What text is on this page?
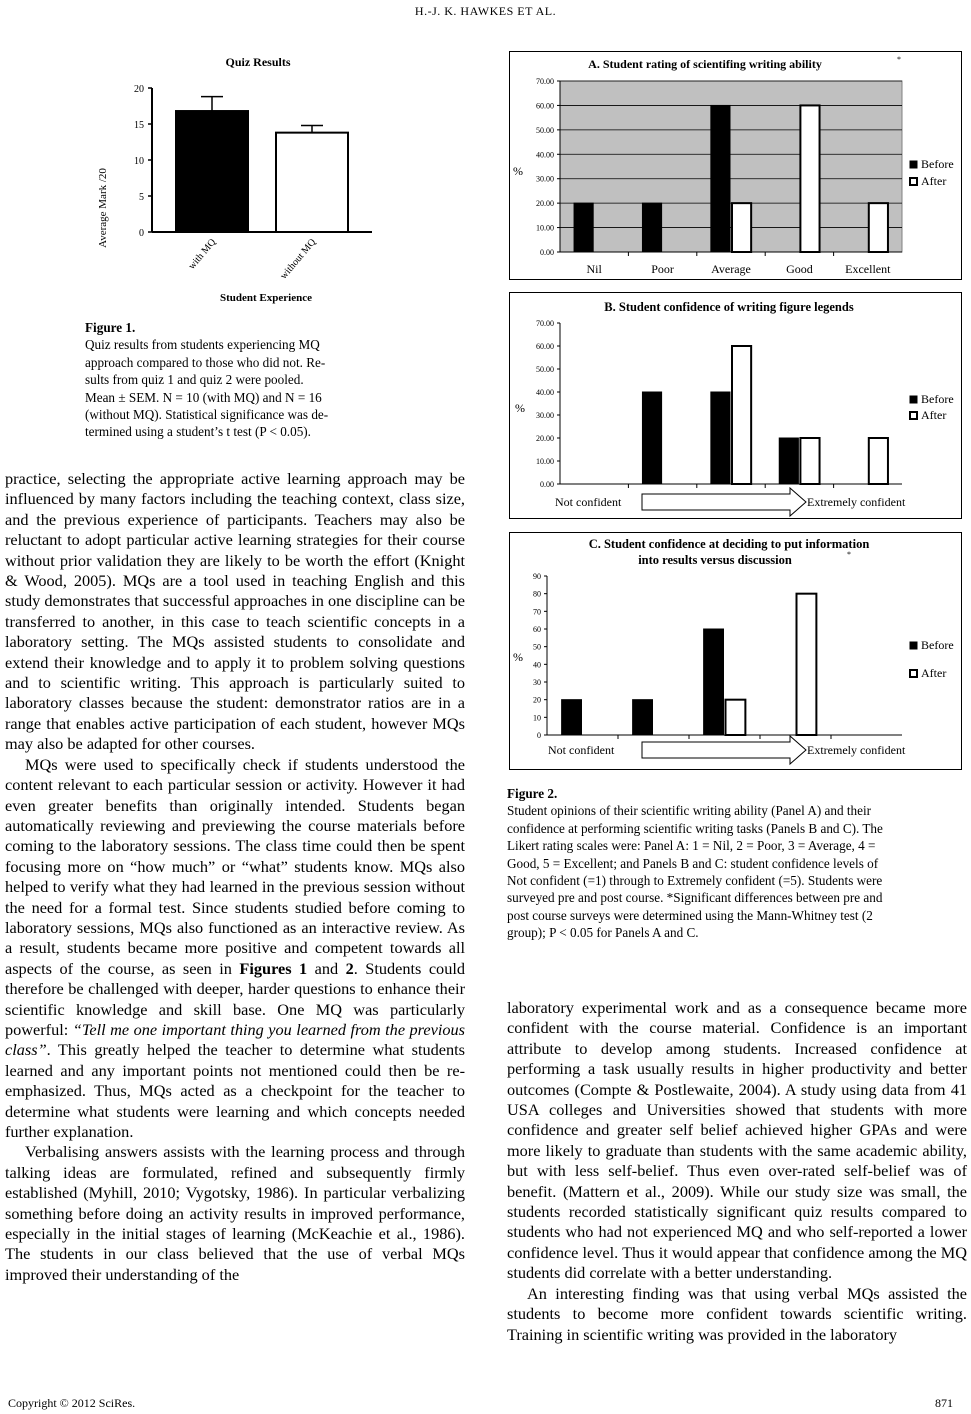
H.-J. K. HAWKES ET AL.
Copyright © 2012 SciRes.	871
Quiz Results
Average Mark /20
Student Experience
0
5
10
15
20
with MQ	without MQ
Figure 1.
Quiz results from students experiencing MQ
approach compared to those who did not. Re-
sults from quiz 1 and quiz 2 were pooled.
Mean ± SEM. N = 10 (with MQ) and N = 16
(without MQ). Statistical significance was de-
termined using a student’s t test (P < 0.05).
A. Student rating of scientifing writing ability	*
%
0.00
10.00
20.00
30.00
40.00
50.00
60.00
70.00
Nil	Poor	Average	Good	Excellent
Before
After
B. Student confidence of writing figure legends
%
0.00
10.00
20.00
30.00
40.00
50.00
60.00
70.00
Not confident	Extremely confident
Before
After
C. Student confidence at deciding to put information
into results versus discussion	*
%
0
10
20
30
40
50
60
70
80
90
Not confident	Extremely confident
Before
After
Figure 2.
Student opinions of their scientific writing ability (Panel A) and their
confidence at performing scientific writing tasks (Panels B and C). The
Likert rating scales were: Panel A: 1 = Nil, 2 = Poor, 3 = Average, 4 =
Good, 5 = Excellent; and Panels B and C: student confidence levels of
Not confident (=1) through to Extremely confident (=5). Students were
surveyed pre and post course. *Significant differences between pre and
post course surveys were determined using the Mann-Whitney test (2
group); P < 0.05 for Panels A and C.

practice, selecting the appropriate active learning approach may be influenced by many factors including the teaching context, class size, and the previous experience of participants. Teachers may also be reluctant to adopt particular active learning strategies for their course without prior validation they are likely to be worth the effort (Knight & Wood, 2005). MQs are a tool used in teaching English and this study demonstrates that successful approaches in one discipline can be transferred to another, in this case to teach scientific concepts in a laboratory setting. The MQs assisted students to consolidate and extend their knowledge and to apply it to problem solving questions and to scientific writing. This approach is particularly suited to laboratory classes because the student: demonstrator ratios are in a range that enables active participation of each student, however MQs may also be adapted for other courses.

MQs were used to specifically check if students understood the content relevant to each particular session or activity. However it had even greater benefits than originally intended. Students began automatically reviewing and previewing the course materials before coming to the laboratory sessions. The class time could then be spent focusing more on “how much” or “what” students know. MQs also helped to verify what they had learned in the previous session without the need for a formal test. Since students studied before coming to laboratory sessions, MQs also functioned as an interactive review. As a result, students became more positive and competent towards all aspects of the course, as seen in Figures 1 and 2. Students could therefore be challenged with deeper, harder questions to enhance their scientific knowledge and skill base. One MQ was particularly powerful: “Tell me one important thing you learned from the previous class”. This greatly helped the teacher to determine what students learned and any important points not mentioned could then be re-emphasized. Thus, MQs acted as a checkpoint for the teacher to determine what students were learning and which concepts needed further explanation.

Verbalising answers assists with the learning process and through talking ideas are formulated, refined and subsequently firmly established (Myhill, 2010; Vygotsky, 1986). In particular verbalizing something before doing an activity results in improved performance, especially in the initial stages of learning (McKeachie et al., 1986). The students in our class believed that the use of verbal MQs improved their understanding of the

laboratory experimental work and as a consequence became more confident with the course material. Confidence is an important attribute to develop among students. Increased confidence at performing a task usually results in higher productivity and better outcomes (Compte & Postlewaite, 2004). A study using data from 41 USA colleges and Universities showed that students with more confidence and greater self belief achieved higher GPAs and were more likely to graduate than students with the same academic ability, but with less self-belief. Thus even over-rated self-belief was of benefit. (Mattern et al., 2009). While our study size was small, the students recorded statistically significant quiz results compared to students who had not experienced MQ and who self-reported a lower confidence level. Thus it would appear that confidence among the MQ students did correlate with a better understanding.

An interesting finding was that using verbal MQs assisted the students to become more confident towards scientific writing. Training in scientific writing was provided in the laboratory
